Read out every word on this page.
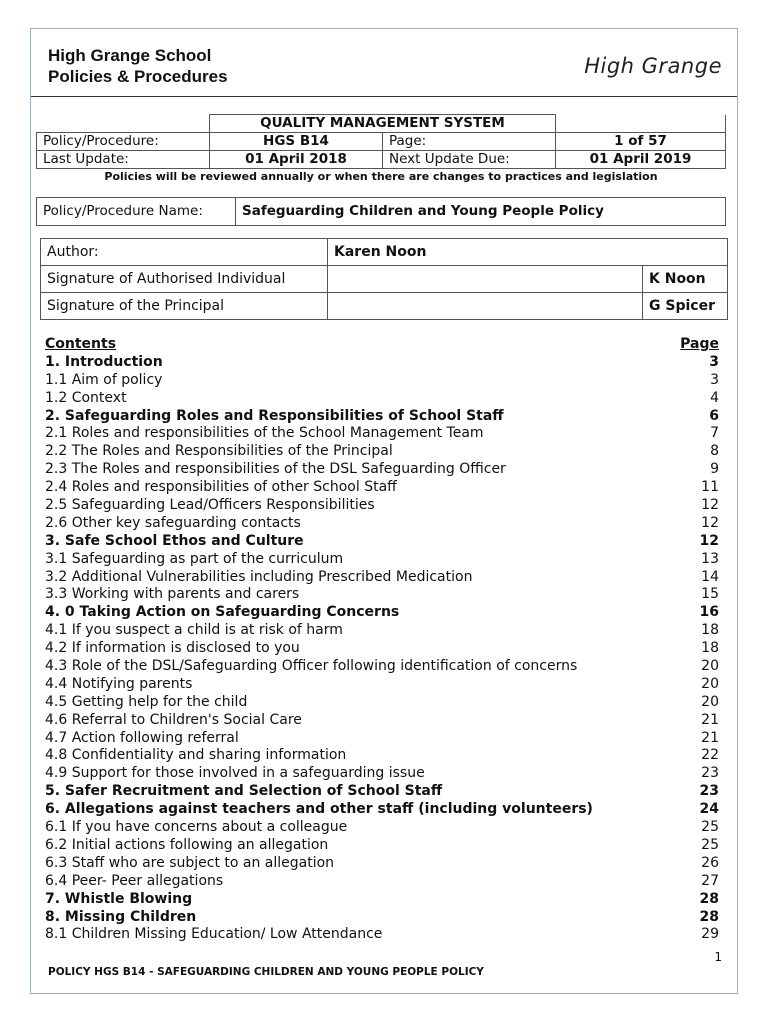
High Grange School
Policies & Procedures	High Grange
	QUALITY MANAGEMENT SYSTEM		
Policy/Procedure:	HGS B14	Page:	1 of 57
Last Update:	01 April 2018	Next Update Due:	01 April 2019
Policies will be reviewed annually or when there are changes to practices and legislation
Policy/Procedure Name:	Safeguarding Children and Young People Policy
Author:	Karen Noon	
Signature of Authorised Individual		K Noon
Signature of the Principal		G Spicer
Contents	Page
1. Introduction	3
1.1 Aim of policy	3
1.2 Context	4
2. Safeguarding Roles and Responsibilities of School Staff	6
2.1 Roles and responsibilities of the School Management Team	7
2.2 The Roles and Responsibilities of the Principal	8
2.3 The Roles and responsibilities of the DSL Safeguarding Officer	9
2.4 Roles and responsibilities of other School Staff	11
2.5 Safeguarding Lead/Officers Responsibilities	12
2.6 Other key safeguarding contacts	12
3. Safe School Ethos and Culture	12
3.1 Safeguarding as part of the curriculum	13
3.2 Additional Vulnerabilities including Prescribed Medication	14
3.3 Working with parents and carers	15
4. 0 Taking Action on Safeguarding Concerns	16
4.1 If you suspect a child is at risk of harm	18
4.2 If information is disclosed to you	18
4.3 Role of the DSL/Safeguarding Officer following identification of concerns	20
4.4 Notifying parents	20
4.5 Getting help for the child	20
4.6 Referral to Children's Social Care	21
4.7 Action following referral	21
4.8 Confidentiality and sharing information	22
4.9 Support for those involved in a safeguarding issue	23
5. Safer Recruitment and Selection of School Staff	23
6. Allegations against teachers and other staff (including volunteers)	24
6.1 If you have concerns about a colleague	25
6.2 Initial actions following an allegation	25
6.3 Staff who are subject to an allegation	26
6.4 Peer- Peer allegations	27
7. Whistle Blowing	28
8. Missing Children	28
8.1 Children Missing Education/ Low Attendance	29
1
POLICY HGS B14 - SAFEGUARDING CHILDREN AND YOUNG PEOPLE POLICY
